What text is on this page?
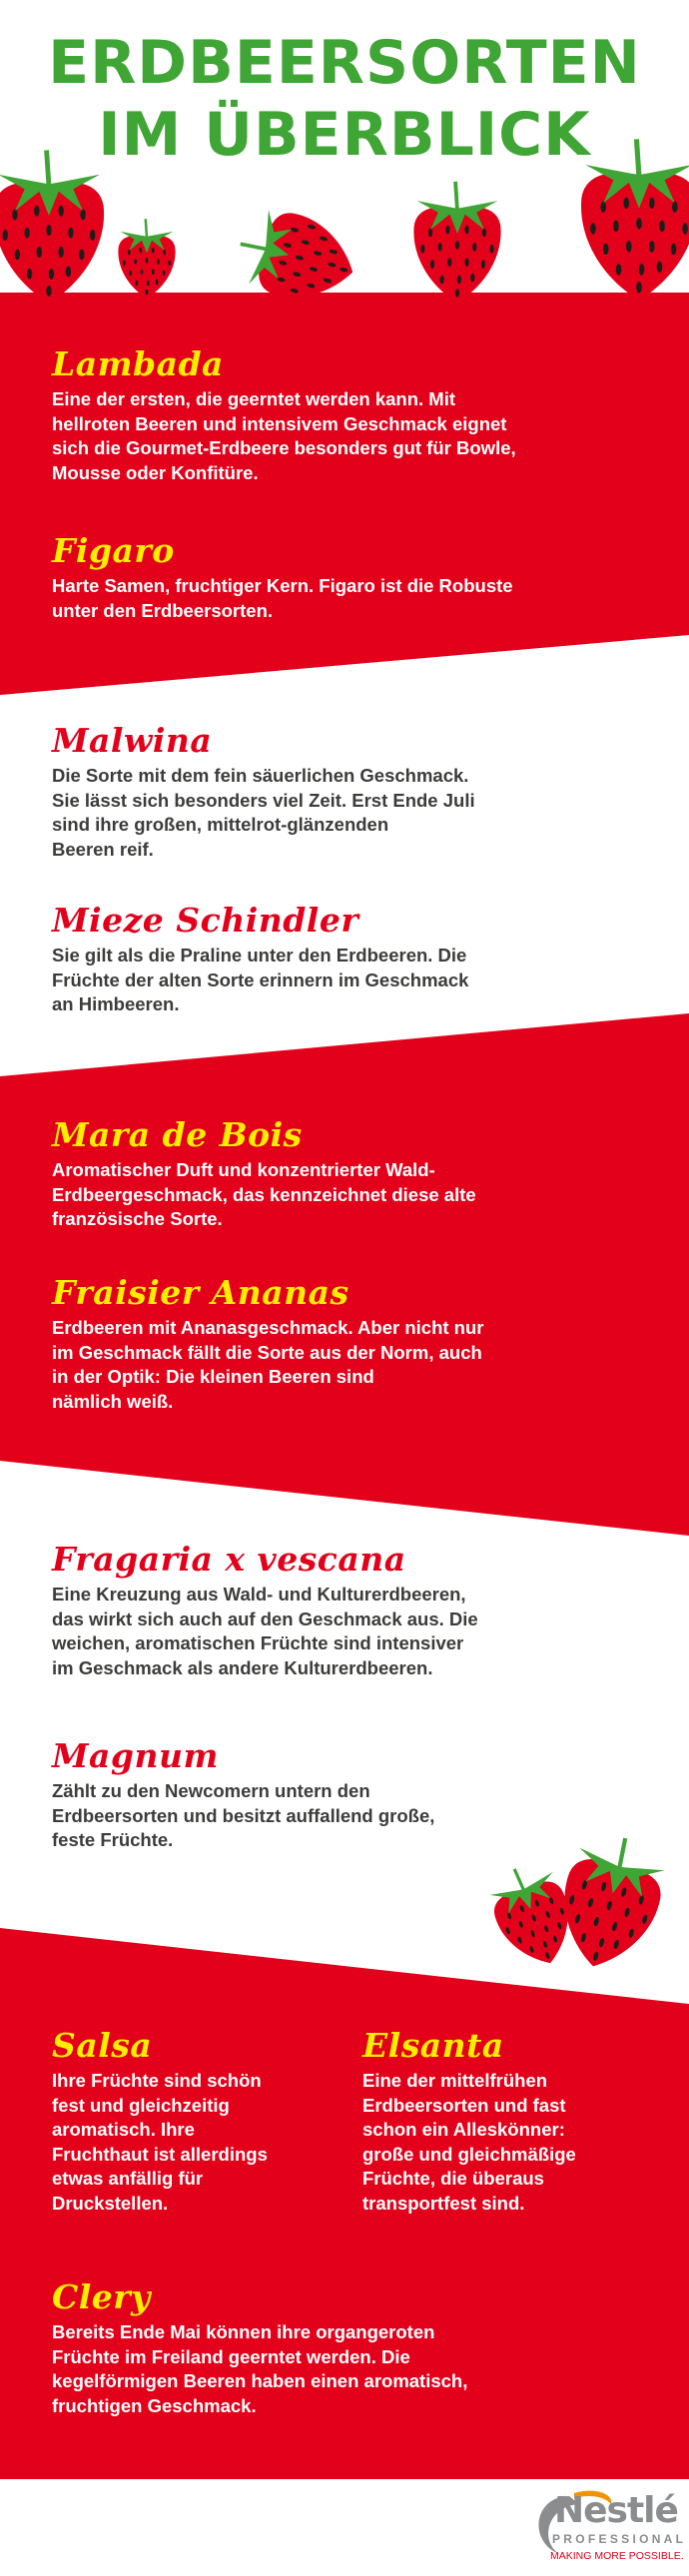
ERDBEERSORTEN
IM ÜBERBLICK
Lambada

Eine der ersten, die geerntet werden kann. Mit
hellroten Beeren und intensivem Geschmack eignet
sich die Gourmet-Erdbeere besonders gut für Bowle,
Mousse oder Konfitüre.

Figaro

Harte Samen, fruchtiger Kern. Figaro ist die Robuste
unter den Erdbeersorten.

Malwina

Die Sorte mit dem fein säuerlichen Geschmack.
Sie lässt sich besonders viel Zeit. Erst Ende Juli
sind ihre großen, mittelrot-glänzenden
Beeren reif.

Mieze Schindler

Sie gilt als die Praline unter den Erdbeeren. Die
Früchte der alten Sorte erinnern im Geschmack
an Himbeeren.

Mara de Bois

Aromatischer Duft und konzentrierter Wald-
Erdbeergeschmack, das kennzeichnet diese alte
französische Sorte.

Fraisier Ananas

Erdbeeren mit Ananasgeschmack. Aber nicht nur
im Geschmack fällt die Sorte aus der Norm, auch
in der Optik: Die kleinen Beeren sind
nämlich weiß.

Fragaria x vescana

Eine Kreuzung aus Wald- und Kulturerdbeeren,
das wirkt sich auch auf den Geschmack aus. Die
weichen, aromatischen Früchte sind intensiver
im Geschmack als andere Kulturerdbeeren.

Magnum

Zählt zu den Newcomern untern den
Erdbeersorten und besitzt auffallend große,
feste Früchte.

Salsa

Ihre Früchte sind schön
fest und gleichzeitig
aromatisch. Ihre
Fruchthaut ist allerdings
etwas anfällig für
Druckstellen.

Elsanta

Eine der mittelfrühen
Erdbeersorten und fast
schon ein Alleskönner:
große und gleichmäßige
Früchte, die überaus
transportfest sind.

Clery

Bereits Ende Mai können ihre organgeroten
Früchte im Freiland geerntet werden. Die
kegelförmigen Beeren haben einen aromatisch,
fruchtigen Geschmack.

Nestlé
PROFESSIONAL
MAKING MORE POSSIBLE.
